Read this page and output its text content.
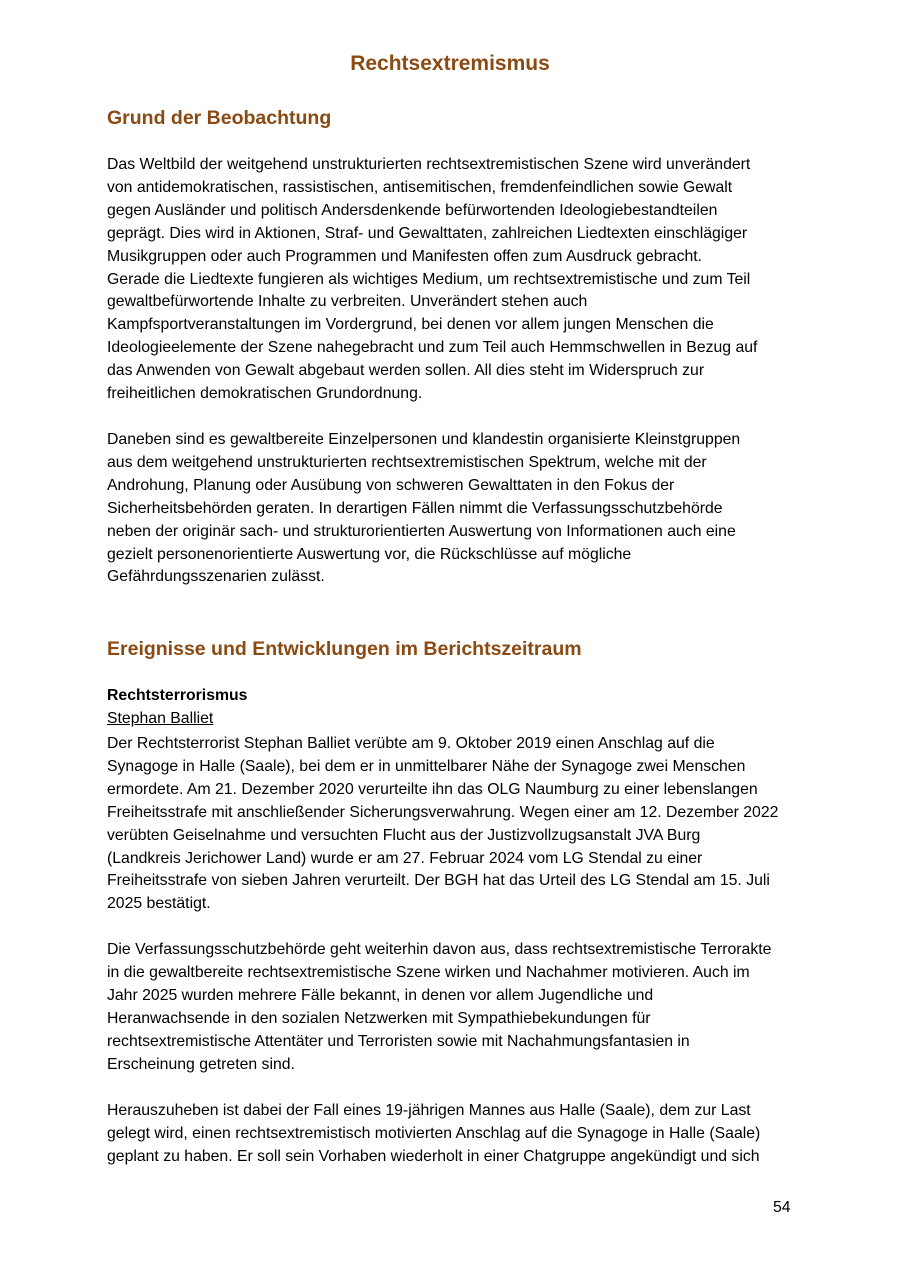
Rechtsextremismus
Grund der Beobachtung
Das Weltbild der weitgehend unstrukturierten rechtsextremistischen Szene wird unverändert
von antidemokratischen, rassistischen, antisemitischen, fremdenfeindlichen sowie Gewalt
gegen Ausländer und politisch Andersdenkende befürwortenden Ideologiebestandteilen
geprägt. Dies wird in Aktionen, Straf- und Gewalttaten, zahlreichen Liedtexten einschlägiger
Musikgruppen oder auch Programmen und Manifesten offen zum Ausdruck gebracht.
Gerade die Liedtexte fungieren als wichtiges Medium, um rechtsextremistische und zum Teil
gewaltbefürwortende Inhalte zu verbreiten. Unverändert stehen auch
Kampfsportveranstaltungen im Vordergrund, bei denen vor allem jungen Menschen die
Ideologieelemente der Szene nahegebracht und zum Teil auch Hemmschwellen in Bezug auf
das Anwenden von Gewalt abgebaut werden sollen. All dies steht im Widerspruch zur
freiheitlichen demokratischen Grundordnung.
Daneben sind es gewaltbereite Einzelpersonen und klandestin organisierte Kleinstgruppen
aus dem weitgehend unstrukturierten rechtsextremistischen Spektrum, welche mit der
Androhung, Planung oder Ausübung von schweren Gewalttaten in den Fokus der
Sicherheitsbehörden geraten. In derartigen Fällen nimmt die Verfassungsschutzbehörde
neben der originär sach- und strukturorientierten Auswertung von Informationen auch eine
gezielt personenorientierte Auswertung vor, die Rückschlüsse auf mögliche
Gefährdungsszenarien zulässt.
Ereignisse und Entwicklungen im Berichtszeitraum
Rechtsterrorismus
Stephan Balliet
Der Rechtsterrorist Stephan Balliet verübte am 9. Oktober 2019 einen Anschlag auf die
Synagoge in Halle (Saale), bei dem er in unmittelbarer Nähe der Synagoge zwei Menschen
ermordete. Am 21. Dezember 2020 verurteilte ihn das OLG Naumburg zu einer lebenslangen
Freiheitsstrafe mit anschließender Sicherungsverwahrung. Wegen einer am 12. Dezember 2022
verübten Geiselnahme und versuchten Flucht aus der Justizvollzugsanstalt JVA Burg
(Landkreis Jerichower Land) wurde er am 27. Februar 2024 vom LG Stendal zu einer
Freiheitsstrafe von sieben Jahren verurteilt. Der BGH hat das Urteil des LG Stendal am 15. Juli
2025 bestätigt.
Die Verfassungsschutzbehörde geht weiterhin davon aus, dass rechtsextremistische Terrorakte
in die gewaltbereite rechtsextremistische Szene wirken und Nachahmer motivieren. Auch im
Jahr 2025 wurden mehrere Fälle bekannt, in denen vor allem Jugendliche und
Heranwachsende in den sozialen Netzwerken mit Sympathiebekundungen für
rechtsextremistische Attentäter und Terroristen sowie mit Nachahmungsfantasien in
Erscheinung getreten sind.
Herauszuheben ist dabei der Fall eines 19-jährigen Mannes aus Halle (Saale), dem zur Last
gelegt wird, einen rechtsextremistisch motivierten Anschlag auf die Synagoge in Halle (Saale)
geplant zu haben. Er soll sein Vorhaben wiederholt in einer Chatgruppe angekündigt und sich
54
